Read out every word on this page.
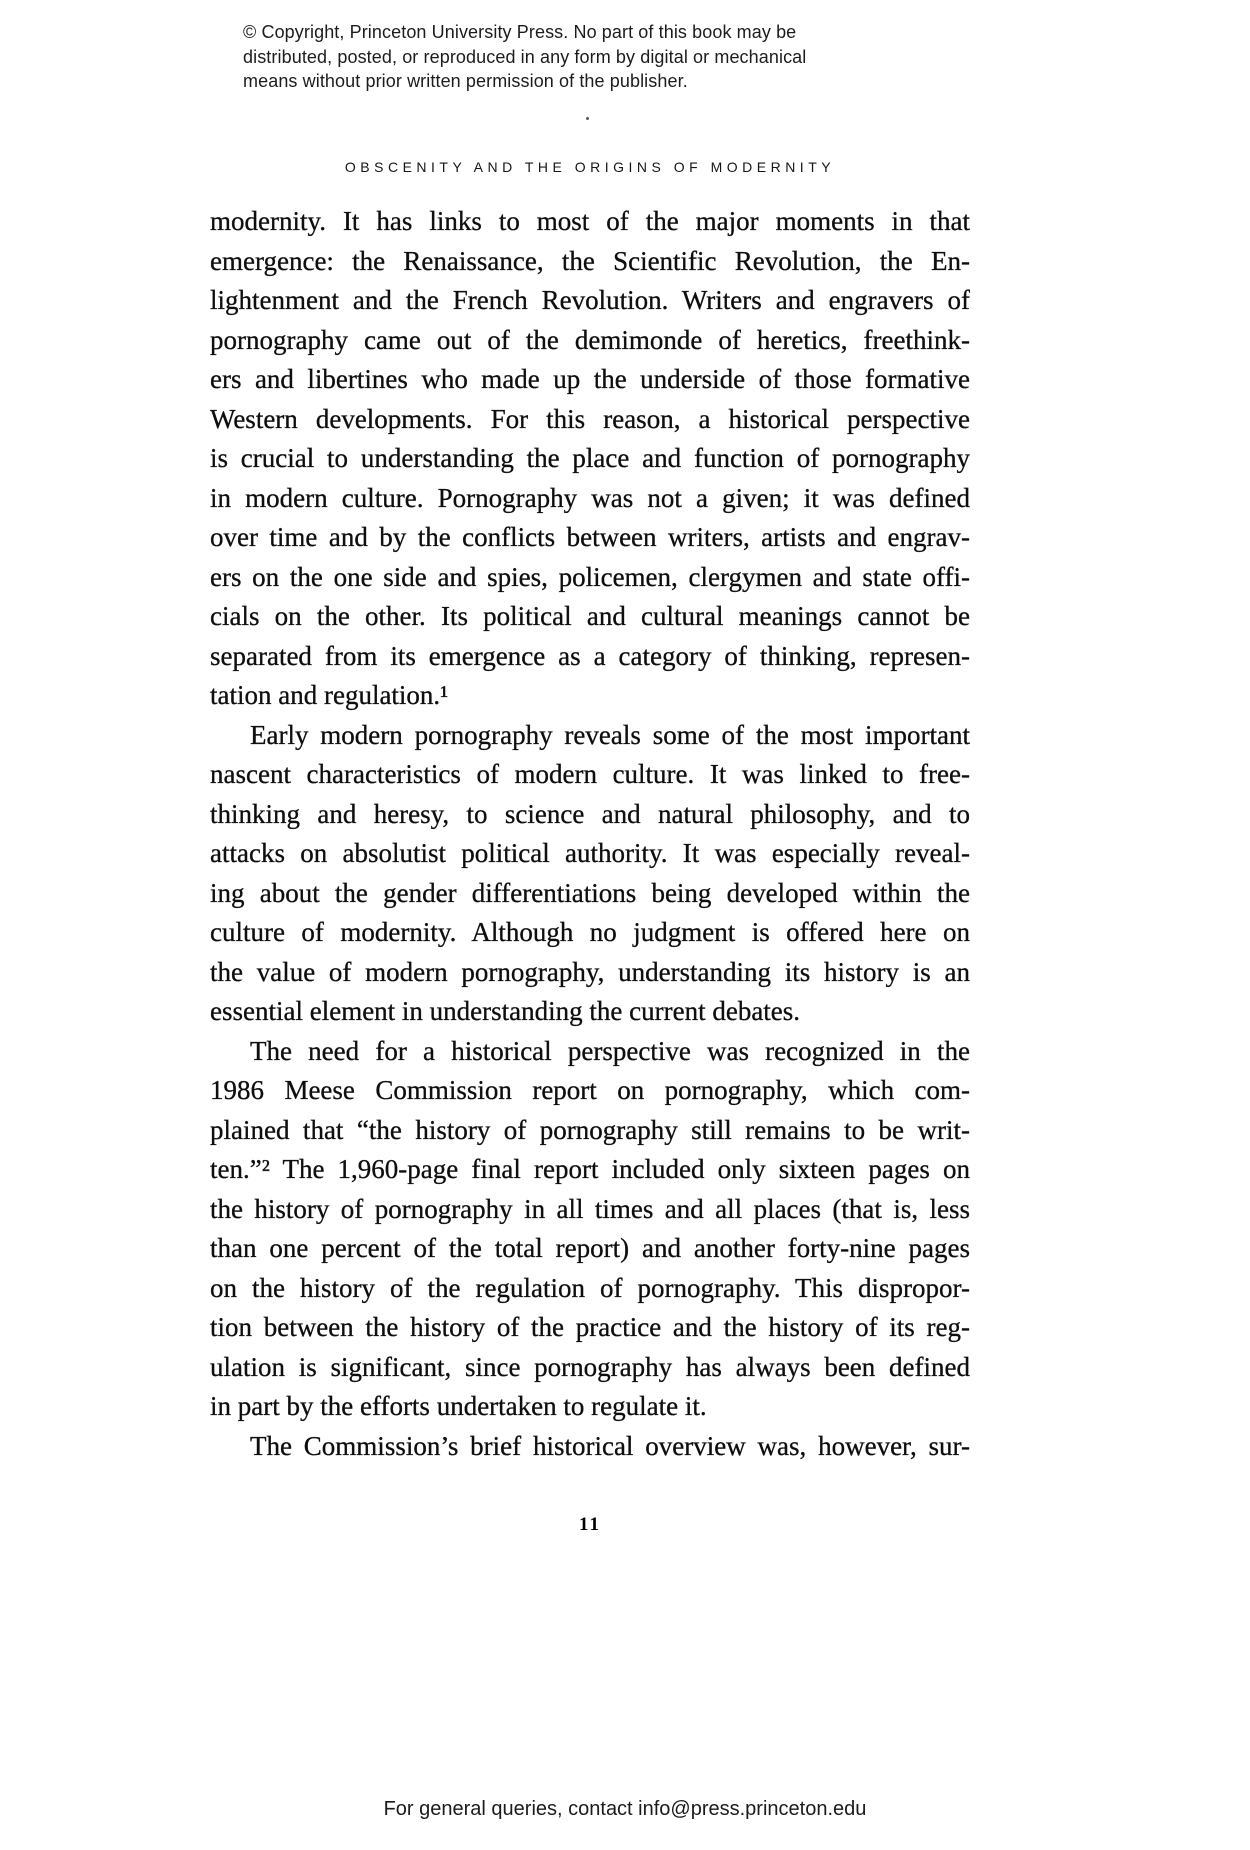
© Copyright, Princeton University Press. No part of this book may be
distributed, posted, or reproduced in any form by digital or mechanical
means without prior written permission of the publisher.
OBSCENITY AND THE ORIGINS OF MODERNITY
modernity. It has links to most of the major moments in that
emergence: the Renaissance, the Scientific Revolution, the En-
lightenment and the French Revolution. Writers and engravers of
pornography came out of the demimonde of heretics, freethink-
ers and libertines who made up the underside of those formative
Western developments. For this reason, a historical perspective
is crucial to understanding the place and function of pornography
in modern culture. Pornography was not a given; it was defined
over time and by the conflicts between writers, artists and engrav-
ers on the one side and spies, policemen, clergymen and state offi-
cials on the other. Its political and cultural meanings cannot be
separated from its emergence as a category of thinking, represen-
tation and regulation.¹
Early modern pornography reveals some of the most important
nascent characteristics of modern culture. It was linked to free-
thinking and heresy, to science and natural philosophy, and to
attacks on absolutist political authority. It was especially reveal-
ing about the gender differentiations being developed within the
culture of modernity. Although no judgment is offered here on
the value of modern pornography, understanding its history is an
essential element in understanding the current debates.
The need for a historical perspective was recognized in the
1986 Meese Commission report on pornography, which com-
plained that “the history of pornography still remains to be writ-
ten.”² The 1,960-page final report included only sixteen pages on
the history of pornography in all times and all places (that is, less
than one percent of the total report) and another forty-nine pages
on the history of the regulation of pornography. This dispropor-
tion between the history of the practice and the history of its reg-
ulation is significant, since pornography has always been defined
in part by the efforts undertaken to regulate it.
The Commission’s brief historical overview was, however, sur-
11
For general queries, contact info@press.princeton.edu
